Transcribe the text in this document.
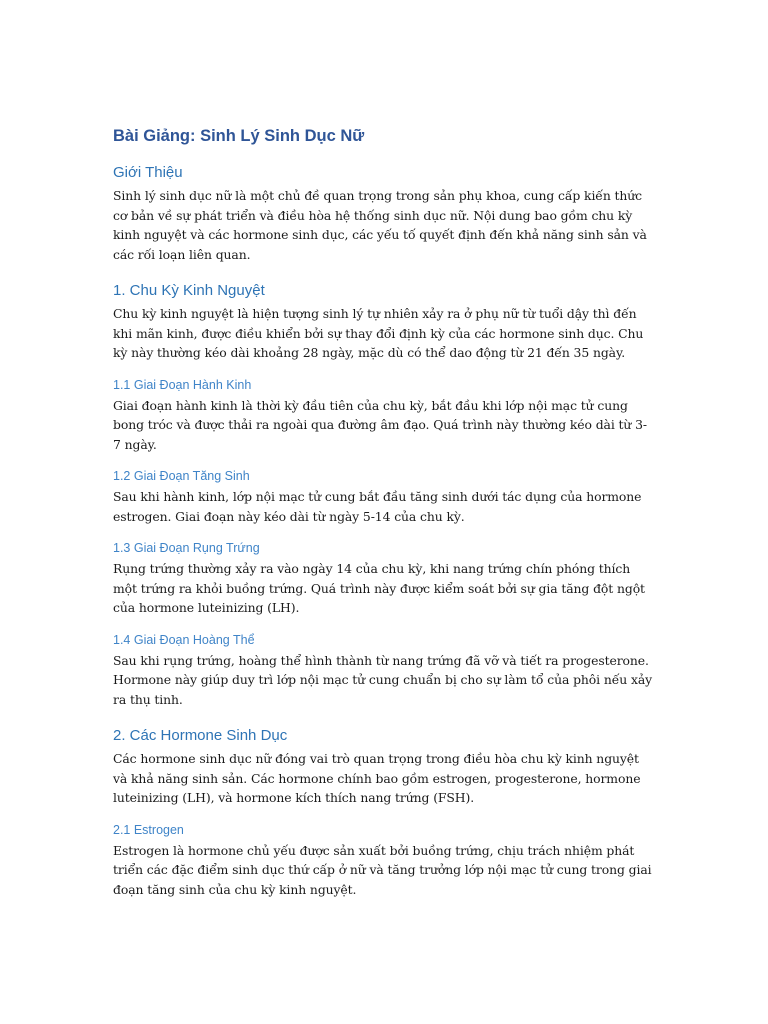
Bài Giảng: Sinh Lý Sinh Dục Nữ
Giới Thiệu

Sinh lý sinh dục nữ là một chủ đề quan trọng trong sản phụ khoa, cung cấp kiến thức cơ bản về sự phát triển và điều hòa hệ thống sinh dục nữ. Nội dung bao gồm chu kỳ kinh nguyệt và các hormone sinh dục, các yếu tố quyết định đến khả năng sinh sản và các rối loạn liên quan.

1. Chu Kỳ Kinh Nguyệt

Chu kỳ kinh nguyệt là hiện tượng sinh lý tự nhiên xảy ra ở phụ nữ từ tuổi dậy thì đến khi mãn kinh, được điều khiển bởi sự thay đổi định kỳ của các hormone sinh dục. Chu kỳ này thường kéo dài khoảng 28 ngày, mặc dù có thể dao động từ 21 đến 35 ngày.

1.1 Giai Đoạn Hành Kinh

Giai đoạn hành kinh là thời kỳ đầu tiên của chu kỳ, bắt đầu khi lớp nội mạc tử cung bong tróc và được thải ra ngoài qua đường âm đạo. Quá trình này thường kéo dài từ 3-7 ngày.

1.2 Giai Đoạn Tăng Sinh

Sau khi hành kinh, lớp nội mạc tử cung bắt đầu tăng sinh dưới tác dụng của hormone estrogen. Giai đoạn này kéo dài từ ngày 5-14 của chu kỳ.

1.3 Giai Đoạn Rụng Trứng

Rụng trứng thường xảy ra vào ngày 14 của chu kỳ, khi nang trứng chín phóng thích một trứng ra khỏi buồng trứng. Quá trình này được kiểm soát bởi sự gia tăng đột ngột của hormone luteinizing (LH).

1.4 Giai Đoạn Hoàng Thể

Sau khi rụng trứng, hoàng thể hình thành từ nang trứng đã vỡ và tiết ra progesterone. Hormone này giúp duy trì lớp nội mạc tử cung chuẩn bị cho sự làm tổ của phôi nếu xảy ra thụ tinh.

2. Các Hormone Sinh Dục

Các hormone sinh dục nữ đóng vai trò quan trọng trong điều hòa chu kỳ kinh nguyệt và khả năng sinh sản. Các hormone chính bao gồm estrogen, progesterone, hormone luteinizing (LH), và hormone kích thích nang trứng (FSH).

2.1 Estrogen

Estrogen là hormone chủ yếu được sản xuất bởi buồng trứng, chịu trách nhiệm phát triển các đặc điểm sinh dục thứ cấp ở nữ và tăng trưởng lớp nội mạc tử cung trong giai đoạn tăng sinh của chu kỳ kinh nguyệt.
